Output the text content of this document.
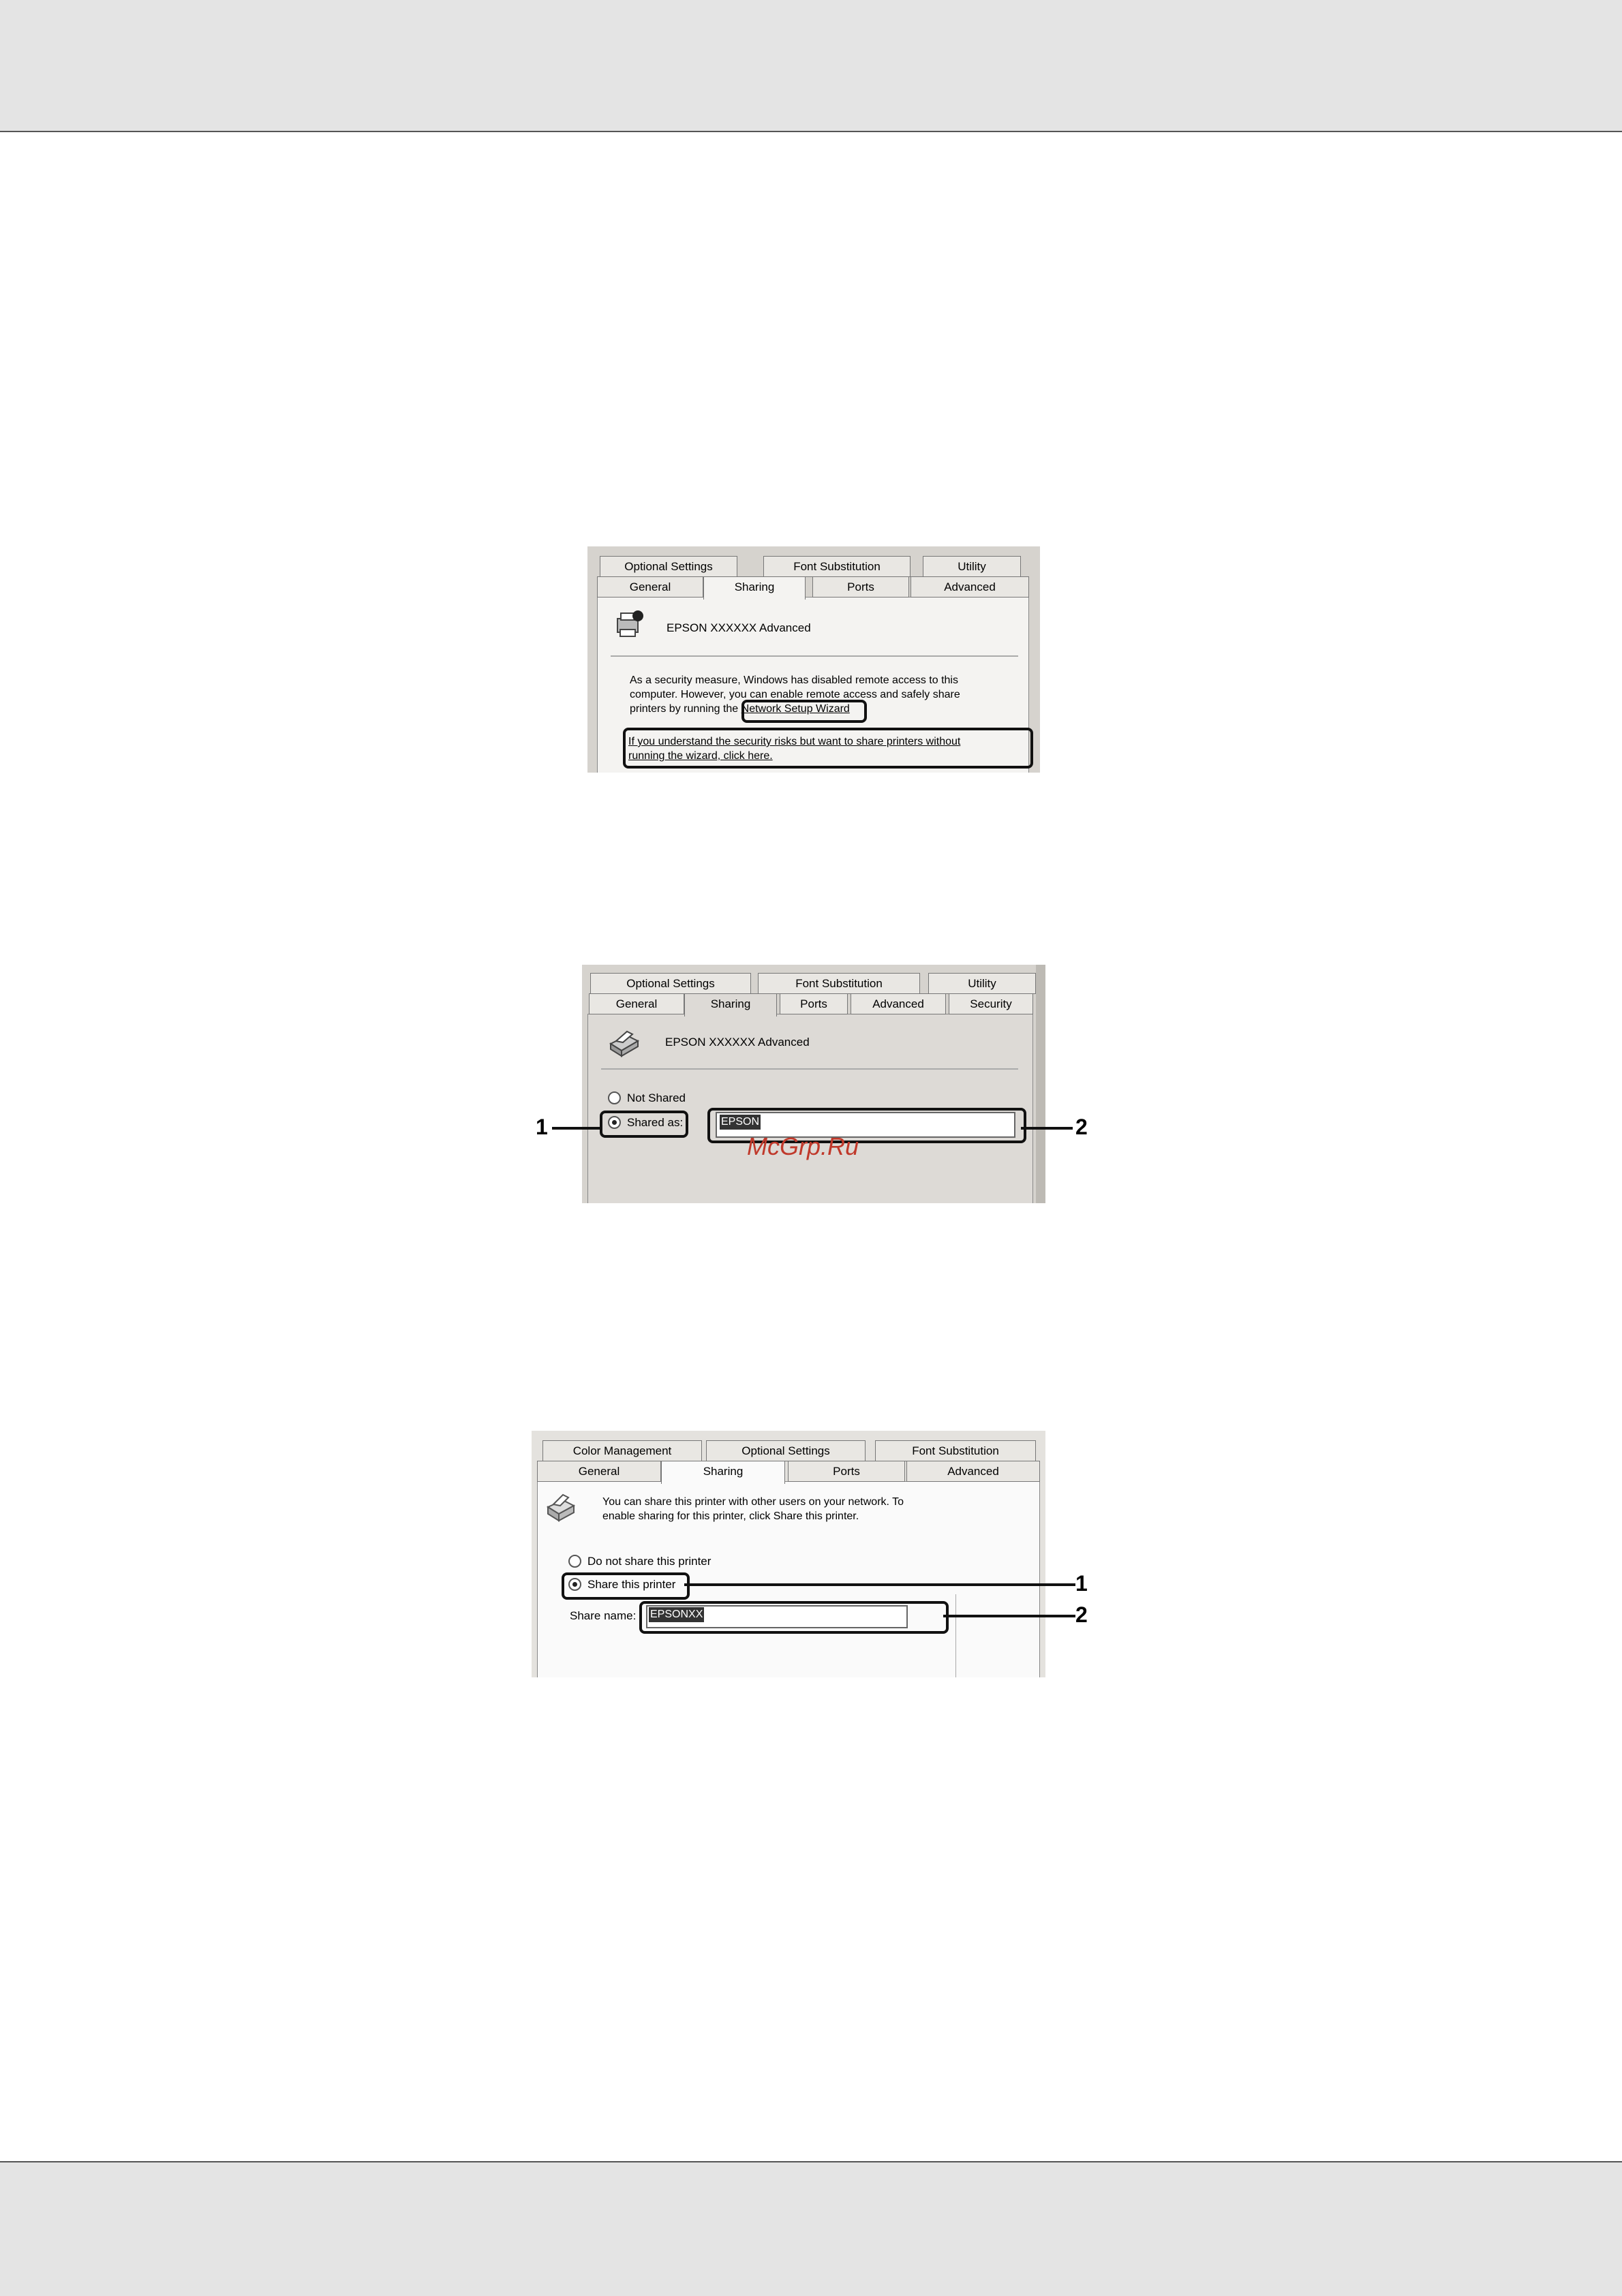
Optional Settings	Font Substitution	Utility
General	Sharing	Ports	Advanced
EPSON XXXXXX Advanced
As a security measure, Windows has disabled remote access to this
computer. However, you can enable remote access and safely share
printers by running the Network Setup Wizard
If you understand the security risks but want to share printers without
running the wizard, click here.
Optional Settings	Font Substitution	Utility
General	Sharing	Ports	Advanced	Security
EPSON XXXXXX Advanced
Not Shared
Shared as:	EPSON
1	2
Color Management	Optional Settings	Font Substitution
General	Sharing	Ports	Advanced
You can share this printer with other users on your network. To
enable sharing for this printer, click Share this printer.
Do not share this printer
Share this printer
Share name: EPSONXX
1
2
McGrp.Ru
